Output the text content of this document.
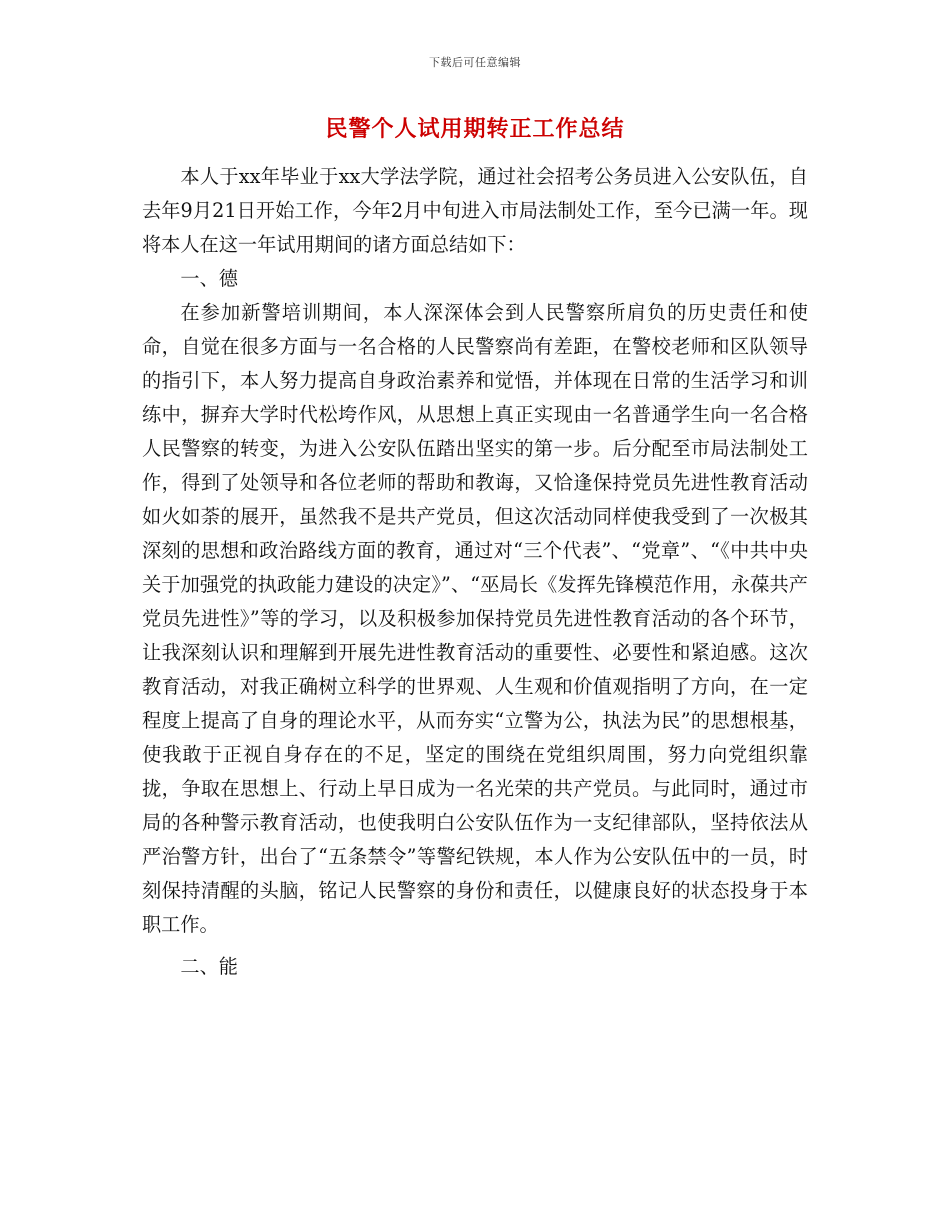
下载后可任意编辑
民警个人试用期转正工作总结

本人于xx年毕业于xx大学法学院，通过社会招考公务员进入公安队伍，自去年9月21日开始工作，今年2月中旬进入市局法制处工作，至今已满一年。现将本人在这一年试用期间的诸方面总结如下：

一、德

在参加新警培训期间，本人深深体会到人民警察所肩负的历史责任和使命，自觉在很多方面与一名合格的人民警察尚有差距，在警校老师和区队领导的指引下，本人努力提高自身政治素养和觉悟，并体现在日常的生活学习和训练中，摒弃大学时代松垮作风，从思想上真正实现由一名普通学生向一名合格人民警察的转变，为进入公安队伍踏出坚实的第一步。后分配至市局法制处工作，得到了处领导和各位老师的帮助和教诲，又恰逢保持党员先进性教育活动如火如荼的展开，虽然我不是共产党员，但这次活动同样使我受到了一次极其深刻的思想和政治路线方面的教育，通过对“三个代表”、“党章”、“《中共中央关于加强党的执政能力建设的决定》”、“巫局长《发挥先锋模范作用，永葆共产党员先进性》”等的学习，以及积极参加保持党员先进性教育活动的各个环节，让我深刻认识和理解到开展先进性教育活动的重要性、必要性和紧迫感。这次教育活动，对我正确树立科学的世界观、人生观和价值观指明了方向，在一定程度上提高了自身的理论水平，从而夯实“立警为公，执法为民”的思想根基，使我敢于正视自身存在的不足，坚定的围绕在党组织周围，努力向党组织靠拢，争取在思想上、行动上早日成为一名光荣的共产党员。与此同时，通过市局的各种警示教育活动，也使我明白公安队伍作为一支纪律部队，坚持依法从严治警方针，出台了“五条禁令”等警纪铁规，本人作为公安队伍中的一员，时刻保持清醒的头脑，铭记人民警察的身份和责任，以健康良好的状态投身于本职工作。

二、能
